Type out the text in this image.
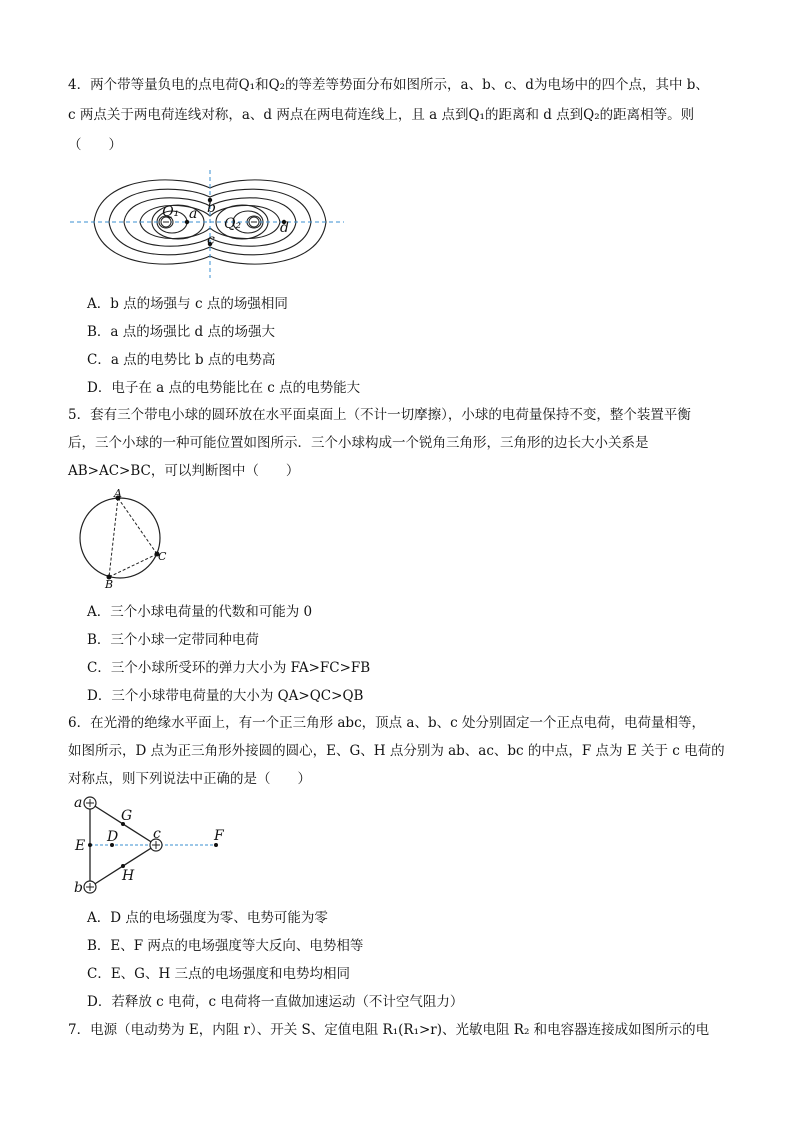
4．两个带等量负电的点电荷Q₁和Q₂的等差等势面分布如图所示，a、b、c、d为电场中的四个点，其中 b、
c 两点关于两电荷连线对称，a、d 两点在两电荷连线上，且 a 点到Q₁的距离和 d 点到Q₂的距离相等。则
（　　）
Q₁
Q₂
a b
c
d
A．b 点的场强与 c 点的场强相同
B．a 点的场强比 d 点的场强大
C．a 点的电势比 b 点的电势高
D．电子在 a 点的电势能比在 c 点的电势能大
5．套有三个带电小球的圆环放在水平面桌面上（不计一切摩擦），小球的电荷量保持不变，整个装置平衡
后，三个小球的一种可能位置如图所示．三个小球构成一个锐角三角形，三角形的边长大小关系是
AB>AC>BC，可以判断图中（　　）
A
B
C
A．三个小球电荷量的代数和可能为 0
B．三个小球一定带同种电荷
C．三个小球所受环的弹力大小为 FA>FC>FB
D．三个小球带电荷量的大小为 QA>QC>QB
6．在光滑的绝缘水平面上，有一个正三角形 abc，顶点 a、b、c 处分别固定一个正点电荷，电荷量相等，
如图所示，D 点为正三角形外接圆的圆心，E、G、H 点分别为 ab、ac、bc 的中点，F 点为 E 关于 c 电荷的
对称点，则下列说法中正确的是（　　）
a
b
c
D
E
F
G
H
A．D 点的电场强度为零、电势可能为零
B．E、F 两点的电场强度等大反向、电势相等
C．E、G、H 三点的电场强度和电势均相同
D．若释放 c 电荷，c 电荷将一直做加速运动（不计空气阻力）
7．电源（电动势为 E，内阻 r）、开关 S、定值电阻 R₁(R₁>r)、光敏电阻 R₂ 和电容器连接成如图所示的电
